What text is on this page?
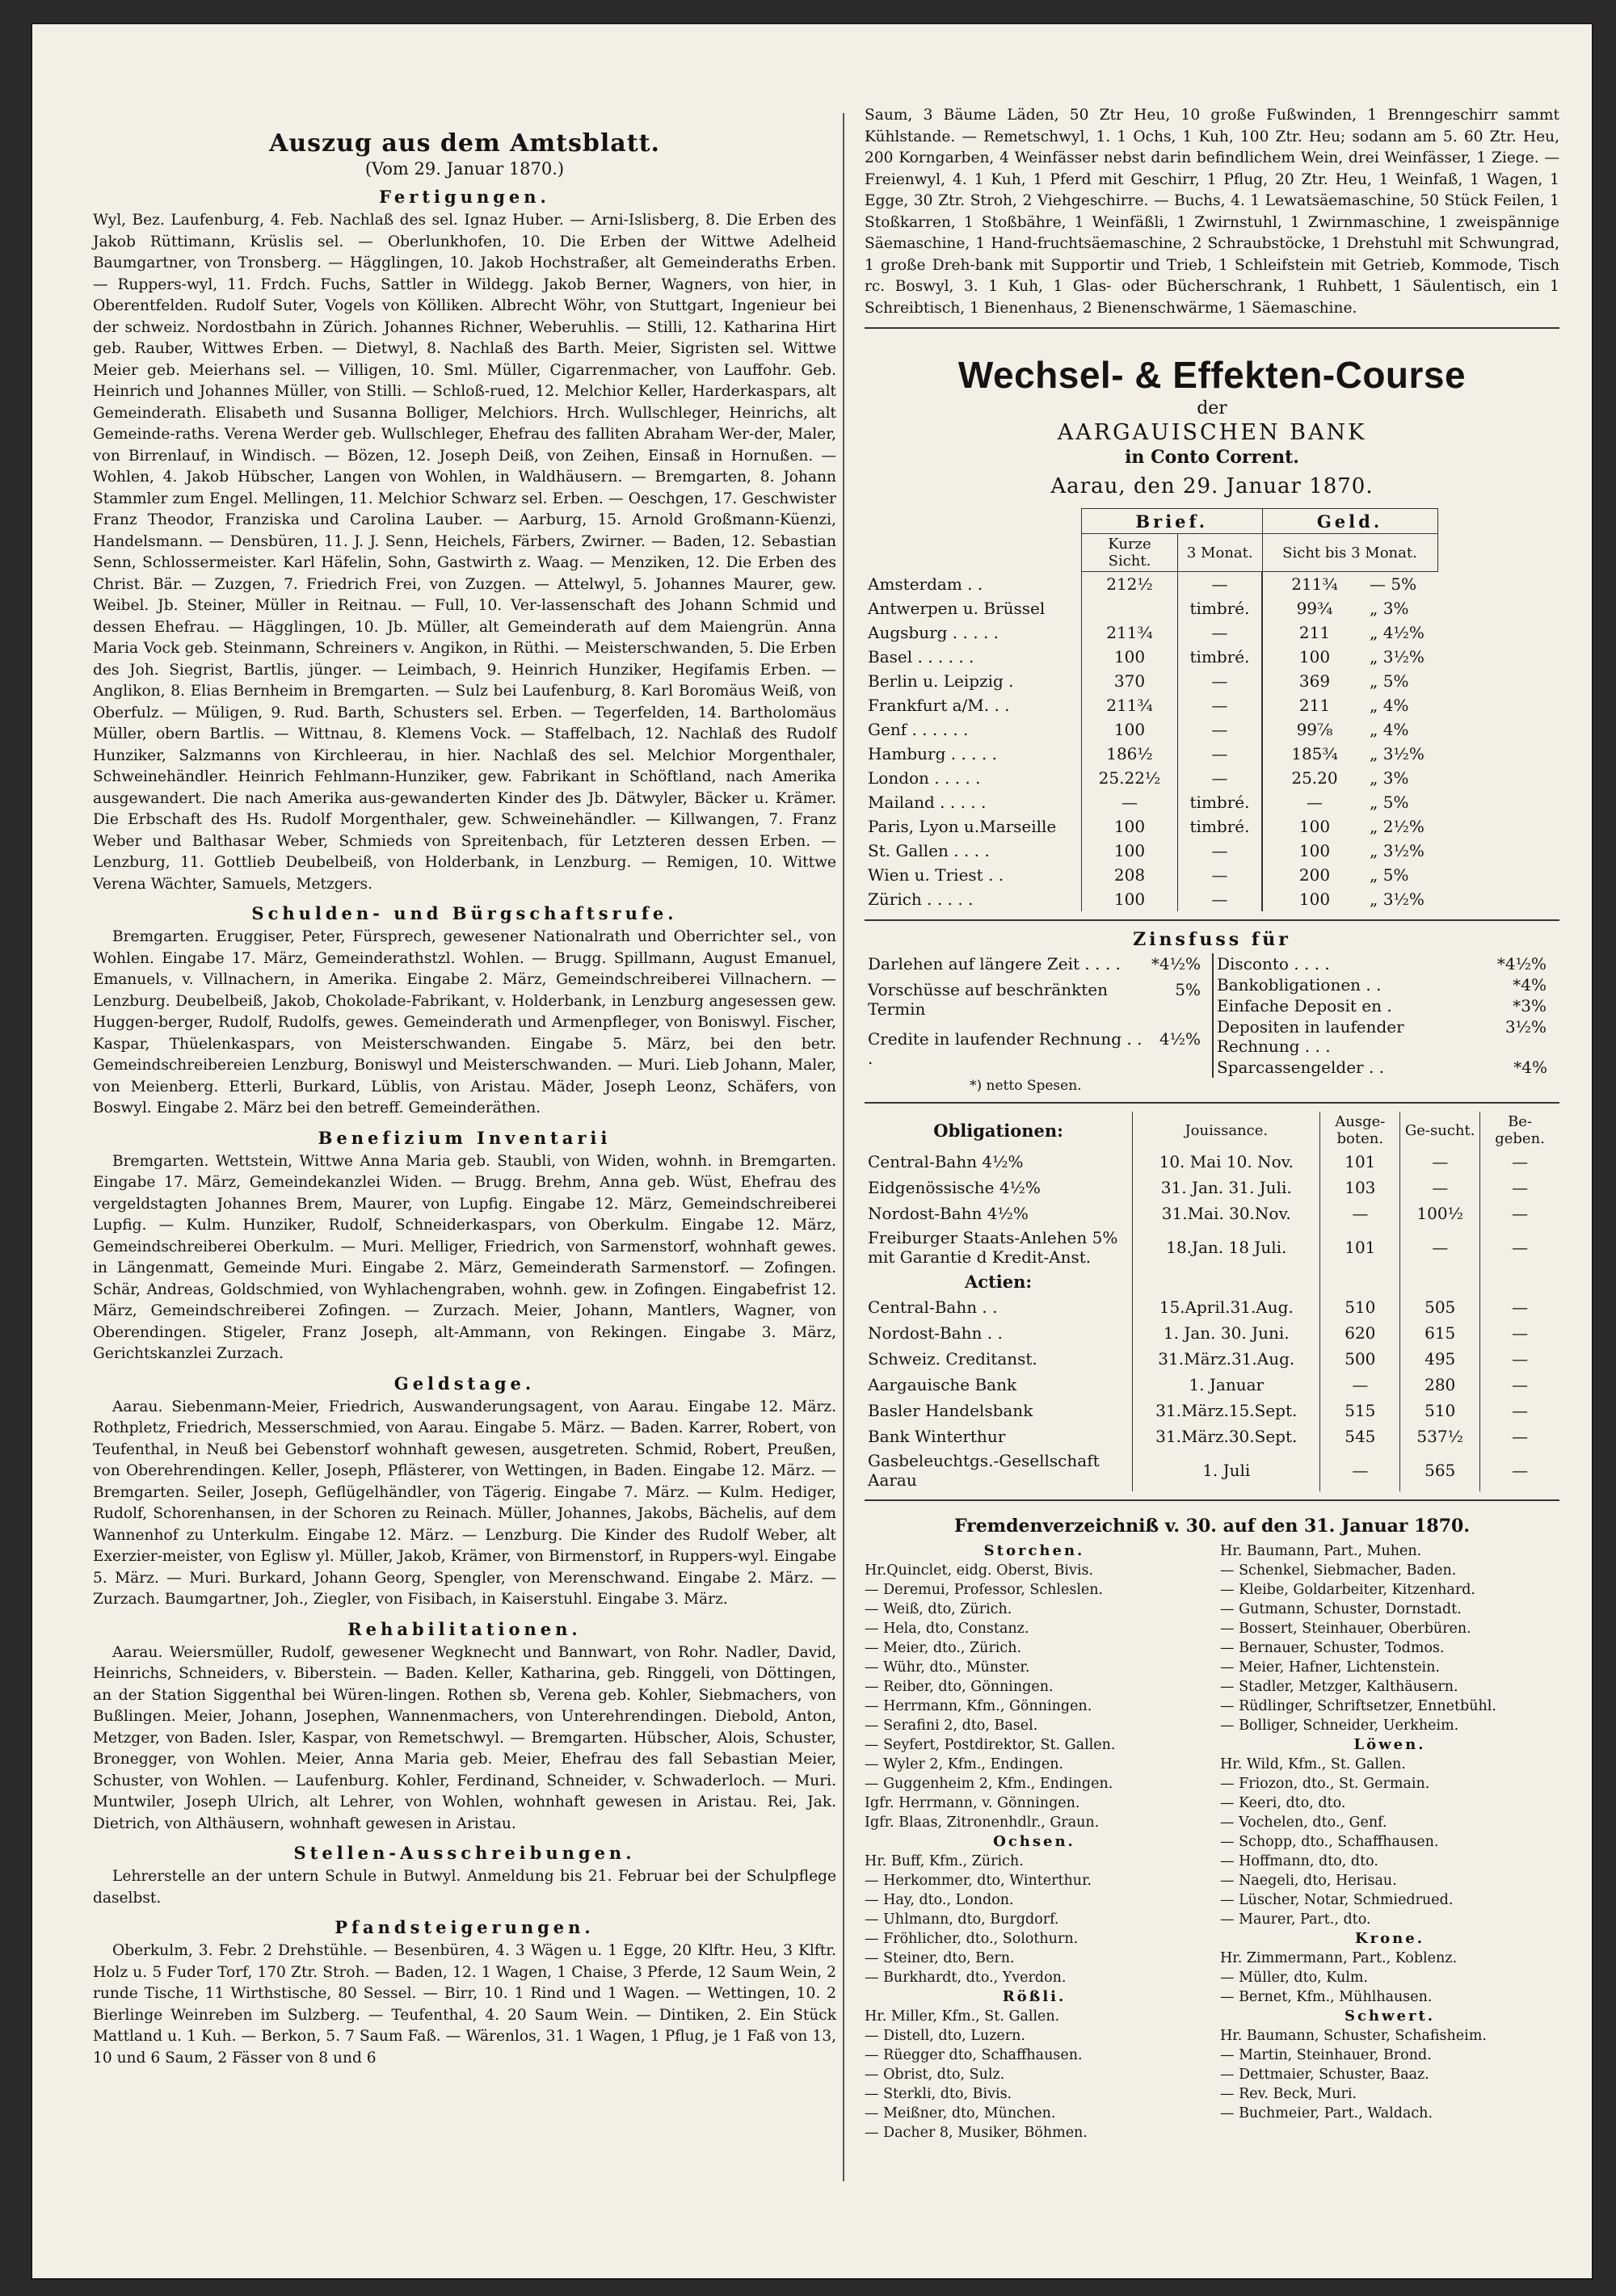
Auszug aus dem Amtsblatt.
(Vom 29. Januar 1870.)
Fertigungen.

Wyl, Bez. Laufenburg, 4. Feb. Nachlaß des sel. Ignaz Huber. — Arni-Islisberg, 8. Die Erben des Jakob Rüttimann, Krüslis sel. — Oberlunkhofen, 10. Die Erben der Wittwe Adelheid Baumgartner, von Tronsberg. — Hägglingen, 10. Jakob Hochstraßer, alt Gemeinderaths Erben. — Ruppers-wyl, 11. Frdch. Fuchs, Sattler in Wildegg. Jakob Berner, Wagners, von hier, in Oberentfelden. Rudolf Suter, Vogels von Kölliken. Albrecht Wöhr, von Stuttgart, Ingenieur bei der schweiz. Nordostbahn in Zürich. Johannes Richner, Weberuhlis. — Stilli, 12. Katharina Hirt geb. Rauber, Wittwes Erben. — Dietwyl, 8. Nachlaß des Barth. Meier, Sigristen sel. Wittwe Meier geb. Meierhans sel. — Villigen, 10. Sml. Müller, Cigarrenmacher, von Lauffohr. Geb. Heinrich und Johannes Müller, von Stilli. — Schloß-rued, 12. Melchior Keller, Harderkaspars, alt Gemeinderath. Elisabeth und Susanna Bolliger, Melchiors. Hrch. Wullschleger, Heinrichs, alt Gemeinde-raths. Verena Werder geb. Wullschleger, Ehefrau des falliten Abraham Wer-der, Maler, von Birrenlauf, in Windisch. — Bözen, 12. Joseph Deiß, von Zeihen, Einsaß in Hornußen. — Wohlen, 4. Jakob Hübscher, Langen von Wohlen, in Waldhäusern. — Bremgarten, 8. Johann Stammler zum Engel. Mellingen, 11. Melchior Schwarz sel. Erben. — Oeschgen, 17. Geschwister Franz Theodor, Franziska und Carolina Lauber. — Aarburg, 15. Arnold Großmann-Küenzi, Handelsmann. — Densbüren, 11. J. J. Senn, Heichels, Färbers, Zwirner. — Baden, 12. Sebastian Senn, Schlossermeister. Karl Häfelin, Sohn, Gastwirth z. Waag. — Menziken, 12. Die Erben des Christ. Bär. — Zuzgen, 7. Friedrich Frei, von Zuzgen. — Attelwyl, 5. Johannes Maurer, gew. Weibel. Jb. Steiner, Müller in Reitnau. — Full, 10. Ver-lassenschaft des Johann Schmid und dessen Ehefrau. — Hägglingen, 10. Jb. Müller, alt Gemeinderath auf dem Maiengrün. Anna Maria Vock geb. Steinmann, Schreiners v. Angikon, in Rüthi. — Meisterschwanden, 5. Die Erben des Joh. Siegrist, Bartlis, jünger. — Leimbach, 9. Heinrich Hunziker, Hegifamis Erben. — Anglikon, 8. Elias Bernheim in Bremgarten. — Sulz bei Laufenburg, 8. Karl Boromäus Weiß, von Oberfulz. — Müligen, 9. Rud. Barth, Schusters sel. Erben. — Tegerfelden, 14. Bartholomäus Müller, obern Bartlis. — Wittnau, 8. Klemens Vock. — Staffelbach, 12. Nachlaß des Rudolf Hunziker, Salzmanns von Kirchleerau, in hier. Nachlaß des sel. Melchior Morgenthaler, Schweinehändler. Heinrich Fehlmann-Hunziker, gew. Fabrikant in Schöftland, nach Amerika ausgewandert. Die nach Amerika aus-gewanderten Kinder des Jb. Dätwyler, Bäcker u. Krämer. Die Erbschaft des Hs. Rudolf Morgenthaler, gew. Schweinehändler. — Killwangen, 7. Franz Weber und Balthasar Weber, Schmieds von Spreitenbach, für Letzteren dessen Erben. — Lenzburg, 11. Gottlieb Deubelbeiß, von Holderbank, in Lenzburg. — Remigen, 10. Wittwe Verena Wächter, Samuels, Metzgers.

Schulden- und Bürgschaftsrufe.

Bremgarten. Eruggiser, Peter, Fürsprech, gewesener Nationalrath und Oberrichter sel., von Wohlen. Eingabe 17. März, Gemeinderathstzl. Wohlen. — Brugg. Spillmann, August Emanuel, Emanuels, v. Villnachern, in Amerika. Eingabe 2. März, Gemeindschreiberei Villnachern. — Lenzburg. Deubelbeiß, Jakob, Chokolade-Fabrikant, v. Holderbank, in Lenzburg angesessen gew. Huggen-berger, Rudolf, Rudolfs, gewes. Gemeinderath und Armenpfleger, von Boniswyl. Fischer, Kaspar, Thüelenkaspars, von Meisterschwanden. Eingabe 5. März, bei den betr. Gemeindschreibereien Lenzburg, Boniswyl und Meisterschwanden. — Muri. Lieb Johann, Maler, von Meienberg. Etterli, Burkard, Lüblis, von Aristau. Mäder, Joseph Leonz, Schäfers, von Boswyl. Eingabe 2. März bei den betreff. Gemeinderäthen.

Benefizium Inventarii

Bremgarten. Wettstein, Wittwe Anna Maria geb. Staubli, von Widen, wohnh. in Bremgarten. Eingabe 17. März, Gemeindekanzlei Widen. — Brugg. Brehm, Anna geb. Wüst, Ehefrau des vergeldstagten Johannes Brem, Maurer, von Lupfig. Eingabe 12. März, Gemeindschreiberei Lupfig. — Kulm. Hunziker, Rudolf, Schneiderkaspars, von Oberkulm. Eingabe 12. März, Gemeindschreiberei Oberkulm. — Muri. Melliger, Friedrich, von Sarmenstorf, wohnhaft gewes. in Längenmatt, Gemeinde Muri. Eingabe 2. März, Gemeinderath Sarmenstorf. — Zofingen. Schär, Andreas, Goldschmied, von Wyhlachengraben, wohnh. gew. in Zofingen. Eingabefrist 12. März, Gemeindschreiberei Zofingen. — Zurzach. Meier, Johann, Mantlers, Wagner, von Oberendingen. Stigeler, Franz Joseph, alt-Ammann, von Rekingen. Eingabe 3. März, Gerichtskanzlei Zurzach.

Geldstage.

Aarau. Siebenmann-Meier, Friedrich, Auswanderungsagent, von Aarau. Eingabe 12. März. Rothpletz, Friedrich, Messerschmied, von Aarau. Eingabe 5. März. — Baden. Karrer, Robert, von Teufenthal, in Neuß bei Gebenstorf wohnhaft gewesen, ausgetreten. Schmid, Robert, Preußen, von Oberehrendingen. Keller, Joseph, Pflästerer, von Wettingen, in Baden. Eingabe 12. März. — Bremgarten. Seiler, Joseph, Geflügelhändler, von Tägerig. Eingabe 7. März. — Kulm. Hediger, Rudolf, Schorenhansen, in der Schoren zu Reinach. Müller, Johannes, Jakobs, Bächelis, auf dem Wannenhof zu Unterkulm. Eingabe 12. März. — Lenzburg. Die Kinder des Rudolf Weber, alt Exerzier-meister, von Eglisw yl. Müller, Jakob, Krämer, von Birmenstorf, in Ruppers-wyl. Eingabe 5. März. — Muri. Burkard, Johann Georg, Spengler, von Merenschwand. Eingabe 2. März. — Zurzach. Baumgartner, Joh., Ziegler, von Fisibach, in Kaiserstuhl. Eingabe 3. März.

Rehabilitationen.

Aarau. Weiersmüller, Rudolf, gewesener Wegknecht und Bannwart, von Rohr. Nadler, David, Heinrichs, Schneiders, v. Biberstein. — Baden. Keller, Katharina, geb. Ringgeli, von Döttingen, an der Station Siggenthal bei Würen-lingen. Rothen sb, Verena geb. Kohler, Siebmachers, von Bußlingen. Meier, Johann, Josephen, Wannenmachers, von Unterehrendingen. Diebold, Anton, Metzger, von Baden. Isler, Kaspar, von Remetschwyl. — Bremgarten. Hübscher, Alois, Schuster, Bronegger, von Wohlen. Meier, Anna Maria geb. Meier, Ehefrau des fall Sebastian Meier, Schuster, von Wohlen. — Laufenburg. Kohler, Ferdinand, Schneider, v. Schwaderloch. — Muri. Muntwiler, Joseph Ulrich, alt Lehrer, von Wohlen, wohnhaft gewesen in Aristau. Rei, Jak. Dietrich, von Althäusern, wohnhaft gewesen in Aristau.

Stellen-Ausschreibungen.

Lehrerstelle an der untern Schule in Butwyl. Anmeldung bis 21. Februar bei der Schulpflege daselbst.

Pfandsteigerungen.

Oberkulm, 3. Febr. 2 Drehstühle. — Besenbüren, 4. 3 Wägen u. 1 Egge, 20 Klftr. Heu, 3 Klftr. Holz u. 5 Fuder Torf, 170 Ztr. Stroh. — Baden, 12. 1 Wagen, 1 Chaise, 3 Pferde, 12 Saum Wein, 2 runde Tische, 11 Wirthstische, 80 Sessel. — Birr, 10. 1 Rind und 1 Wagen. — Wettingen, 10. 2 Bierlinge Weinreben im Sulzberg. — Teufenthal, 4. 20 Saum Wein. — Dintiken, 2. Ein Stück Mattland u. 1 Kuh. — Berkon, 5. 7 Saum Faß. — Wärenlos, 31. 1 Wagen, 1 Pflug, je 1 Faß von 13, 10 und 6 Saum, 2 Fässer von 8 und 6

Saum, 3 Bäume Läden, 50 Ztr Heu, 10 große Fußwinden, 1 Brenngeschirr sammt Kühlstande. — Remetschwyl, 1. 1 Ochs, 1 Kuh, 100 Ztr. Heu; sodann am 5. 60 Ztr. Heu, 200 Korngarben, 4 Weinfässer nebst darin befindlichem Wein, drei Weinfässer, 1 Ziege. — Freienwyl, 4. 1 Kuh, 1 Pferd mit Geschirr, 1 Pflug, 20 Ztr. Heu, 1 Weinfaß, 1 Wagen, 1 Egge, 30 Ztr. Stroh, 2 Viehgeschirre. — Buchs, 4. 1 Lewatsäemaschine, 50 Stück Feilen, 1 Stoßkarren, 1 Stoßbähre, 1 Weinfäßli, 1 Zwirnstuhl, 1 Zwirnmaschine, 1 zweispännige Säemaschine, 1 Hand-fruchtsäemaschine, 2 Schraubstöcke, 1 Drehstuhl mit Schwungrad, 1 große Dreh-bank mit Supportir und Trieb, 1 Schleifstein mit Getrieb, Kommode, Tisch rc. Boswyl, 3. 1 Kuh, 1 Glas- oder Bücherschrank, 1 Ruhbett, 1 Säulentisch, ein 1 Schreibtisch, 1 Bienenhaus, 2 Bienenschwärme, 1 Säemaschine.

Wechsel- & Effekten-Course
der
AARGAUISCHEN BANK
in Conto Corrent.
Aarau, den 29. Januar 1870.
	Brief.		Geld.	
	Kurze Sicht.	3 Monat.	Sicht bis 3 Monat.	
Amsterdam . .	212½	—	211¾	— 5%
Antwerpen u. Brüssel		timbré.	99¾	„ 3%
Augsburg . . . . .	211¾	—	211	„ 4½%
Basel . . . . . .	100	timbré.	100	„ 3½%
Berlin u. Leipzig .	370	—	369	„ 5%
Frankfurt a/M. . .	211¾	—	211	„ 4%
Genf . . . . . .	100	—	99⅞	„ 4%
Hamburg . . . . .	186½	—	185¾	„ 3½%
London . . . . .	25.22½	—	25.20	„ 3%
Mailand . . . . .	—	timbré.	—	„ 5%
Paris, Lyon u.Marseille	100	timbré.	100	„ 2½%
St. Gallen . . . .	100	—	100	„ 3½%
Wien u. Triest . .	208	—	200	„ 5%
Zürich . . . . .	100	—	100	„ 3½%
Zinsfuss für
Darlehen auf längere Zeit . . . .	*4½%
Vorschüsse auf beschränkten Termin	5%
Credite in laufender Rechnung . . .	4½%
Disconto . . . .	*4½%
Bankobligationen . .	*4%
Einfache Deposit en .	*3%
Depositen in laufender Rechnung . . .	3½%
Sparcassengelder . .	*4%
*) netto Spesen.
Obligationen:	Jouissance.	Ausge-boten.	Ge-sucht.	Be-geben.
Central-Bahn 4½%	10. Mai 10. Nov.	101	—	—
Eidgenössische 4½%	31. Jan. 31. Juli.	103	—	—
Nordost-Bahn 4½%	31.Mai. 30.Nov.	—	100½	—
Freiburger Staats-Anlehen 5% mit Garantie d Kredit-Anst.	18.Jan. 18 Juli.	101	—	—
Actien:				
Central-Bahn . .	15.April.31.Aug.	510	505	—
Nordost-Bahn . .	1. Jan. 30. Juni.	620	615	—
Schweiz. Creditanst.	31.März.31.Aug.	500	495	—
Aargauische Bank	1. Januar	—	280	—
Basler Handelsbank	31.März.15.Sept.	515	510	—
Bank Winterthur	31.März.30.Sept.	545	537½	—
Gasbeleuchtgs.-Gesellschaft Aarau	1. Juli	—	565	—
Fremdenverzeichniß v. 30. auf den 31. Januar 1870.
Storchen.
Hr.Quinclet, eidg. Oberst, Bivis.
— Deremui, Professor, Schleslen.
— Weiß, dto, Zürich.
— Hela, dto, Constanz.
— Meier, dto., Zürich.
— Wühr, dto., Münster.
— Reiber, dto, Gönningen.
— Herrmann, Kfm., Gönningen.
— Serafini 2, dto, Basel.
— Seyfert, Postdirektor, St. Gallen.
— Wyler 2, Kfm., Endingen.
— Guggenheim 2, Kfm., Endingen.
Igfr. Herrmann, v. Gönningen.
Igfr. Blaas, Zitronenhdlr., Graun.
Ochsen.
Hr. Buff, Kfm., Zürich.
— Herkommer, dto, Winterthur.
— Hay, dto., London.
— Uhlmann, dto, Burgdorf.
— Fröhlicher, dto., Solothurn.
— Steiner, dto, Bern.
— Burkhardt, dto., Yverdon.
Rößli.
Hr. Miller, Kfm., St. Gallen.
— Distell, dto, Luzern.
— Rüegger dto, Schaffhausen.
— Obrist, dto, Sulz.
— Sterkli, dto, Bivis.
— Meißner, dto, München.
— Dacher 8, Musiker, Böhmen.
Hr. Baumann, Part., Muhen.
— Schenkel, Siebmacher, Baden.
— Kleibe, Goldarbeiter, Kitzenhard.
— Gutmann, Schuster, Dornstadt.
— Bossert, Steinhauer, Oberbüren.
— Bernauer, Schuster, Todmos.
— Meier, Hafner, Lichtenstein.
— Stadler, Metzger, Kalthäusern.
— Rüdlinger, Schriftsetzer, Ennetbühl.
— Bolliger, Schneider, Uerkheim.
Löwen.
Hr. Wild, Kfm., St. Gallen.
— Friozon, dto., St. Germain.
— Keeri, dto, dto.
— Vochelen, dto., Genf.
— Schopp, dto., Schaffhausen.
— Hoffmann, dto, dto.
— Naegeli, dto, Herisau.
— Lüscher, Notar, Schmiedrued.
— Maurer, Part., dto.
Krone.
Hr. Zimmermann, Part., Koblenz.
— Müller, dto, Kulm.
— Bernet, Kfm., Mühlhausen.
Schwert.
Hr. Baumann, Schuster, Schafisheim.
— Martin, Steinhauer, Brond.
— Dettmaier, Schuster, Baaz.
— Rev. Beck, Muri.
— Buchmeier, Part., Waldach.
